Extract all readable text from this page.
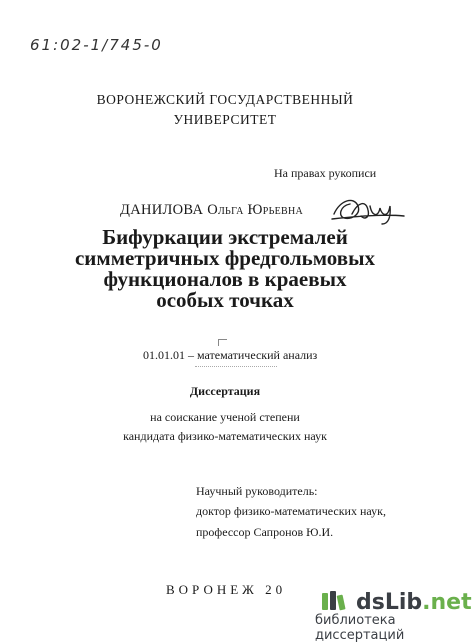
61:02-1/745-0
ВОРОНЕЖСКИЙ ГОСУДАРСТВЕННЫЙ
УНИВЕРСИТЕТ
На правах рукописи
ДАНИЛОВА Ольга Юрьевна
Бифуркации экстремалей
симметричных фредгольмовых
функционалов в краевых
особых точках
01.01.01 – математический анализ
Диссертация
на соискание ученой степени
кандидата физико-математических наук
Научный руководитель:
доктор физико-математических наук,
профессор Сапронов Ю.И.
ВОРОНЕЖ 20
dsLib.net
библиотека диссертаций
